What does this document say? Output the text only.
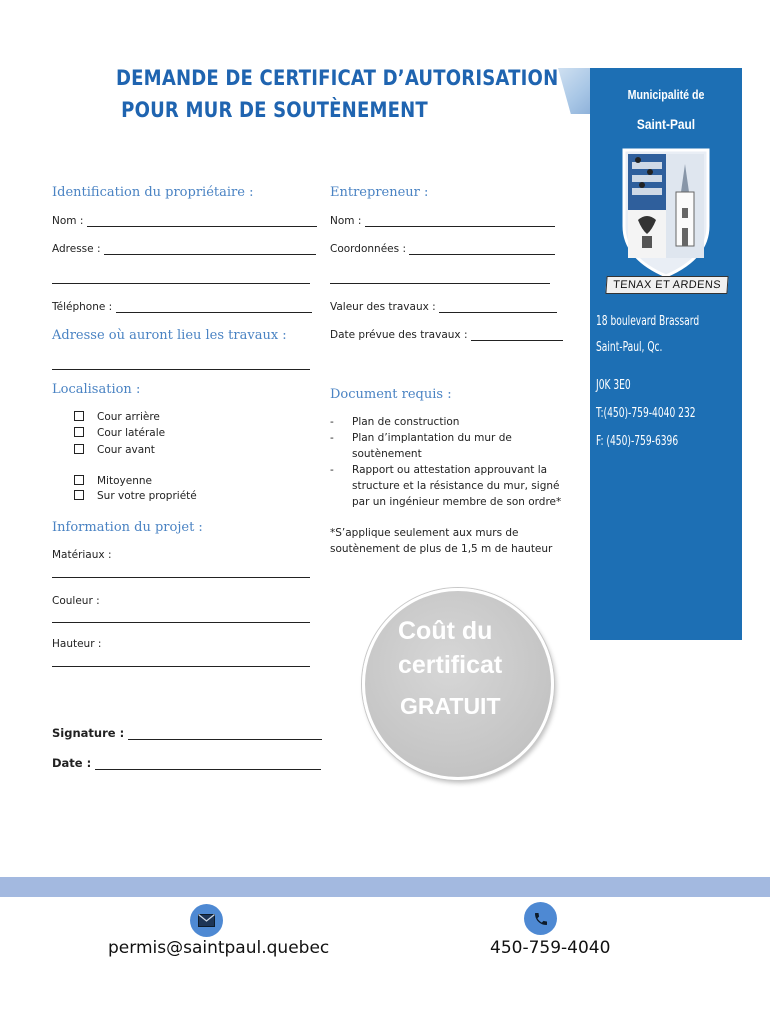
DEMANDE DE CERTIFICAT D’AUTORISATION
POUR MUR DE SOUTÈNEMENT
Municipalité de
Saint-Paul
TENAX ET ARDENS
18 boulevard Brassard
Saint-Paul, Qc.
J0K 3E0
T:(450)-759-4040 232
F: (450)-759-6396
Identification du propriétaire :
Nom :
Adresse :
Téléphone :
Entrepreneur :
Nom :
Coordonnées :
Valeur des travaux :
Date prévue des travaux :
Adresse où auront lieu les travaux :
Localisation :
Cour arrière
Cour latérale
Cour avant
Mitoyenne
Sur votre propriété
Document requis :
- Plan de construction
- Plan d’implantation du mur de soutènement
- Rapport ou attestation approuvant la structure et la résistance du mur, signé par un ingénieur membre de son ordre*
*S’applique seulement aux murs de soutènement de plus de 1,5 m de hauteur
Information du projet :
Matériaux :
Couleur :
Hauteur :
Signature :
Date :
Coût du
certificat
GRATUIT
permis@saintpaul.quebec	450-759-4040
